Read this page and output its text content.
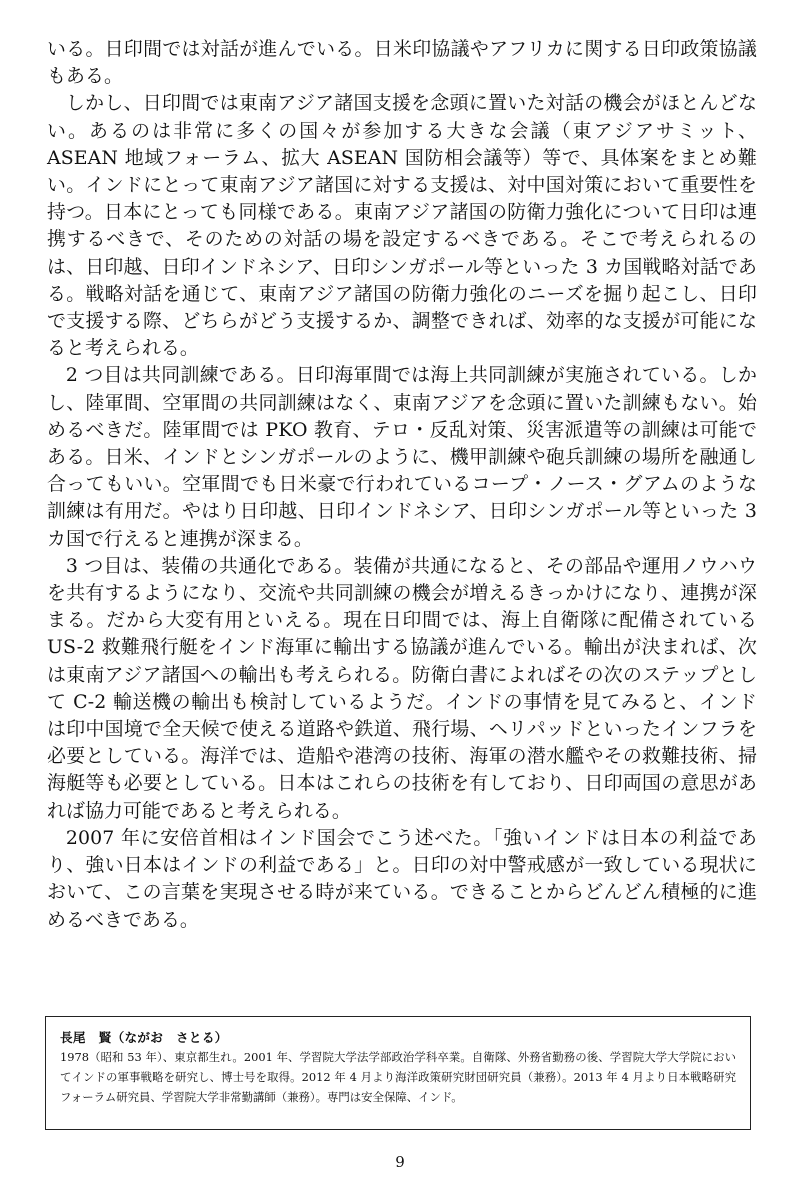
いる。日印間では対話が進んでいる。日米印協議やアフリカに関する日印政策協議もある。

しかし、日印間では東南アジア諸国支援を念頭に置いた対話の機会がほとんどない。あるのは非常に多くの国々が参加する大きな会議（東アジアサミット、ASEAN 地域フォーラム、拡大 ASEAN 国防相会議等）等で、具体案をまとめ難い。インドにとって東南アジア諸国に対する支援は、対中国対策において重要性を持つ。日本にとっても同様である。東南アジア諸国の防衛力強化について日印は連携するべきで、そのための対話の場を設定するべきである。そこで考えられるのは、日印越、日印インドネシア、日印シンガポール等といった 3 カ国戦略対話である。戦略対話を通じて、東南アジア諸国の防衛力強化のニーズを掘り起こし、日印で支援する際、どちらがどう支援するか、調整できれば、効率的な支援が可能になると考えられる。

2 つ目は共同訓練である。日印海軍間では海上共同訓練が実施されている。しかし、陸軍間、空軍間の共同訓練はなく、東南アジアを念頭に置いた訓練もない。始めるべきだ。陸軍間では PKO 教育、テロ・反乱対策、災害派遣等の訓練は可能である。日米、インドとシンガポールのように、機甲訓練や砲兵訓練の場所を融通し合ってもいい。空軍間でも日米豪で行われているコープ・ノース・グアムのような訓練は有用だ。やはり日印越、日印インドネシア、日印シンガポール等といった 3 カ国で行えると連携が深まる。

3 つ目は、装備の共通化である。装備が共通になると、その部品や運用ノウハウを共有するようになり、交流や共同訓練の機会が増えるきっかけになり、連携が深まる。だから大変有用といえる。現在日印間では、海上自衛隊に配備されている US-2 救難飛行艇をインド海軍に輸出する協議が進んでいる。輸出が決まれば、次は東南アジア諸国への輸出も考えられる。防衛白書によればその次のステップとして C-2 輸送機の輸出も検討しているようだ。インドの事情を見てみると、インドは印中国境で全天候で使える道路や鉄道、飛行場、ヘリパッドといったインフラを必要としている。海洋では、造船や港湾の技術、海軍の潜水艦やその救難技術、掃海艇等も必要としている。日本はこれらの技術を有しており、日印両国の意思があれば協力可能であると考えられる。

2007 年に安倍首相はインド国会でこう述べた。「強いインドは日本の利益であり、強い日本はインドの利益である」と。日印の対中警戒感が一致している現状において、この言葉を実現させる時が来ている。できることからどんどん積極的に進めるべきである。

長尾　賢（ながお　さとる）

1978（昭和 53 年）、東京都生れ。2001 年、学習院大学法学部政治学科卒業。自衛隊、外務省勤務の後、学習院大学大学院においてインドの軍事戦略を研究し、博士号を取得。2012 年 4 月より海洋政策研究財団研究員（兼務）。2013 年 4 月より日本戦略研究フォーラム研究員、学習院大学非常勤講師（兼務）。専門は安全保障、インド。

9
